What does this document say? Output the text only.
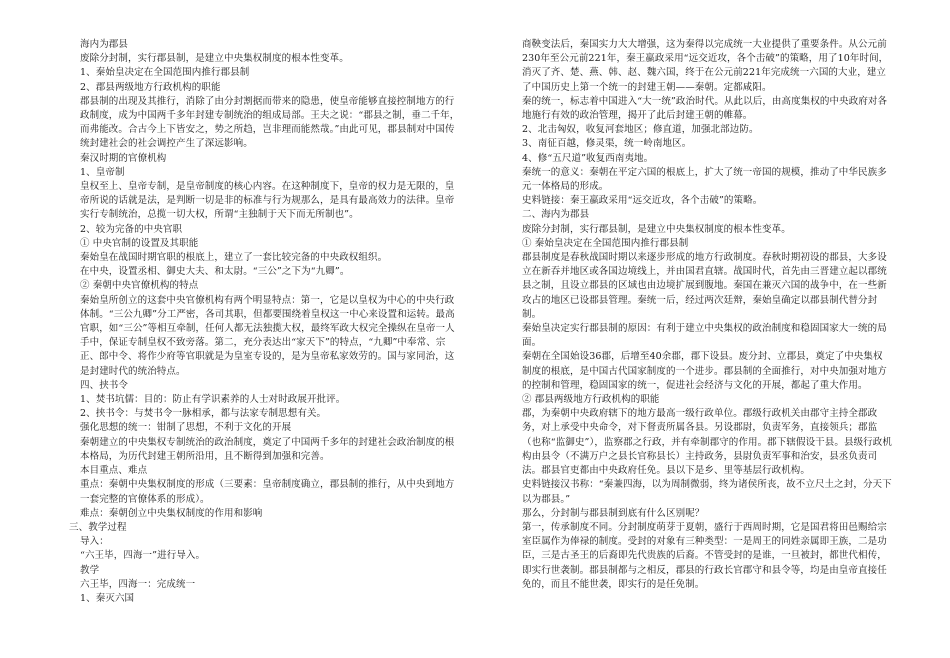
海内为郡县

废除分封制，实行郡县制，是建立中央集权制度的根本性变革。

1、秦始皇决定在全国范围内推行郡县制

2、郡县两级地方行政机构的职能

郡县制的出现及其推行，消除了由分封割据而带来的隐患，使皇帝能够直接控制地方的行政制度，成为中国两千多年封建专制统治的组成局部。王夫之说：“郡县之制，垂二千年，而弗能改。合古今上下皆安之，势之所趋，岂非理而能然哉。”由此可见，郡县制对中国传统封建社会的社会调控产生了深远影响。

秦汉时期的官僚机构

1、皇帝制

皇权至上、皇帝专制，是皇帝制度的核心内容。在这种制度下，皇帝的权力是无限的，皇帝所说的话就是法，是判断一切是非的标准与行为规那么，是具有最高效力的法律。皇帝实行专制统治，总揽一切大权，所谓“主独制于天下而无所制也”。

2、较为完备的中央官职

① 中央官制的设置及其职能

秦始皇在战国时期官职的根底上，建立了一套比较完备的中央政权组织。

在中央，设置丞相、御史大夫、和太尉。“三公”之下为“九卿”。

② 秦朝中央官僚机构的特点

秦始皇所创立的这套中央官僚机构有两个明显特点：第一，它是以皇权为中心的中央行政体制。“三公九卿”分工严密，各司其职，但都要围绕着皇权这一中心来设置和运转。最高官职，如“三公”等相互牵制，任何人都无法独揽大权，最终军政大权完全操纵在皇帝一人手中，保证专制皇权不致旁落。第二，充分表达出“家天下”的特点，“九卿”中奉常、宗正、郎中令、将作少府等官职就是为皇室专设的，是为皇帝私家效劳的。国与家同治，这是封建时代的统治特点。

四、挟书令

1、焚书坑儒：目的：防止有学识素养的人士对时政展开批评。

2、挟书令：与焚书令一脉相承，都与法家专制思想有关。

强化思想的统一：钳制了思想，不利于文化的开展

秦朝建立的中央集权专制统治的政治制度，奠定了中国两千多年的封建社会政治制度的根本格局，为历代封建王朝所沿用，且不断得到加强和完善。

本目重点、难点

重点：秦朝中央集权制度的形成（三要素：皇帝制度确立，郡县制的推行，从中央到地方一套完整的官僚体系的形成）。

难点：秦朝创立中央集权制度的作用和影响

三、教学过程

导入：

“六王毕，四海一”进行导入。

教学

六王毕，四海一：完成统一

1、秦灭六国

商鞅变法后，秦国实力大大增强，这为秦得以完成统一大业提供了重要条件。从公元前230年至公元前221年，秦王嬴政采用“远交近攻，各个击破”的策略，用了10年时间，消灭了齐、楚、燕、韩、赵、魏六国，终于在公元前221年完成统一六国的大业，建立了中国历史上第一个统一的封建王朝——秦朝。定都咸阳。

秦的统一，标志着中国进入“大一统”政治时代。从此以后，由高度集权的中央政府对各地施行有效的政治管理，揭开了此后封建王朝的帷幕。

2、北击匈奴，收复河套地区；修直道，加强北部边防。

3、南征百越，修灵渠，统一岭南地区。

4、修“五尺道”收复西南夷地。

秦统一的意义：秦朝在平定六国的根底上，扩大了统一帝国的规模，推动了中华民族多元一体格局的形成。

史料链接：秦王嬴政采用“远交近攻，各个击破”的策略。

二、海内为郡县

废除分封制，实行郡县制，是建立中央集权制度的根本性变革。

① 秦始皇决定在全国范围内推行郡县制

郡县制度是春秋战国时期以来逐步形成的地方行政制度。春秋时期初设的郡县，大多设立在新吞并地区或各国边境线上，并由国君直辖。战国时代，首先由三晋建立起以郡统县之制，且设立郡县的区域也由边境扩展到腹地。秦国在兼灭六国的战争中，在一些新攻占的地区已设郡县管理。秦统一后，经过两次廷辩，秦始皇确定以郡县制代替分封制。

秦始皇决定实行郡县制的原因：有利于建立中央集权的政治制度和稳固国家大一统的局面。

秦朝在全国始设36郡，后增至40余郡，郡下设县。废分封、立郡县，奠定了中央集权制度的根底，是中国古代国家制度的一个进步。郡县制的全面推行，对中央加强对地方的控制和管理，稳固国家的统一，促进社会经济与文化的开展，都起了重大作用。

② 郡县两级地方行政机构的职能

郡，为秦朝中央政府辖下的地方最高一级行政单位。郡级行政机关由郡守主持全郡政务，对上承受中央命令，对下督责所属各县。另设郡尉，负责军务，直接领兵；郡监（也称“监御史”），监察郡之行政，并有牵制郡守的作用。郡下辖假设干县。县级行政机构由县令（不满万户之县长官称县长）主持政务，县尉负责军事和治安，县丞负责司法。郡县官吏都由中央政府任免。县以下是乡、里等基层行政机构。

史料链接汉书称：“秦兼四海，以为周制微弱，终为诸侯所丧，故不立尺土之封，分天下以为郡县。”

那么，分封制与郡县制到底有什么区别呢？

第一，传承制度不同。分封制度萌芽于夏朝，盛行于西周时期，它是国君将田邑赐给宗室臣属作为俸禄的制度。受封的对象有三种类型：一是周王的同姓亲属即王族，二是功臣，三是古圣王的后裔即先代贵族的后裔。不管受封的是谁，一旦被封，都世代相传，即实行世袭制。郡县制都与之相反，郡县的行政长官郡守和县令等，均是由皇帝直接任免的，而且不能世袭，即实行的是任免制。
